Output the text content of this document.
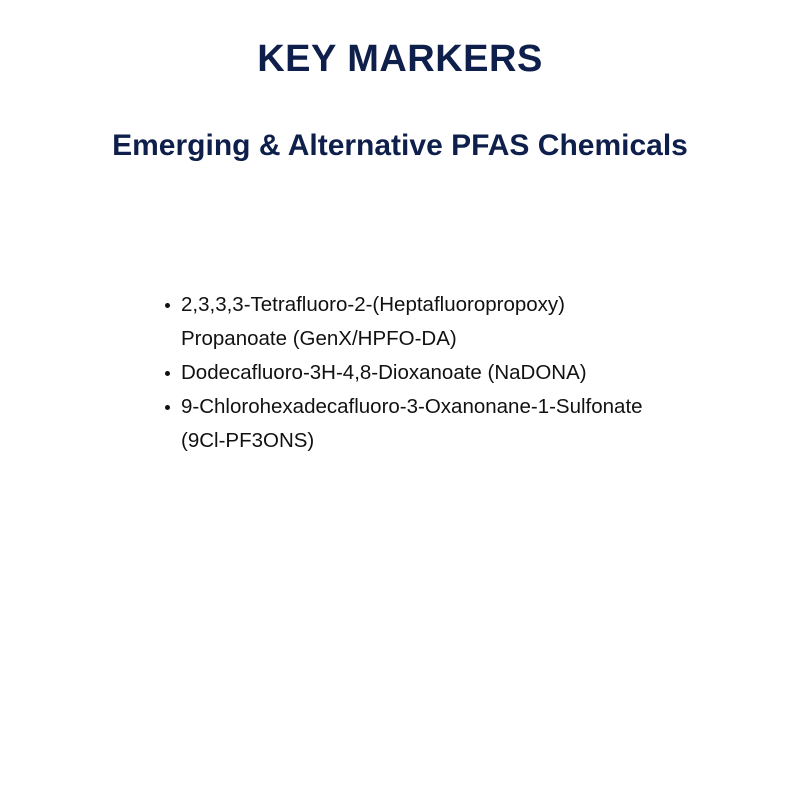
KEY MARKERS
Emerging & Alternative PFAS Chemicals
2,3,3,3-Tetrafluoro-2-(Heptafluoropropoxy) Propanoate (GenX/HPFO-DA)
Dodecafluoro-3H-4,8-Dioxanoate (NaDONA)
9-Chlorohexadecafluoro-3-Oxanonane-1-Sulfonate (9Cl-PF3ONS)
